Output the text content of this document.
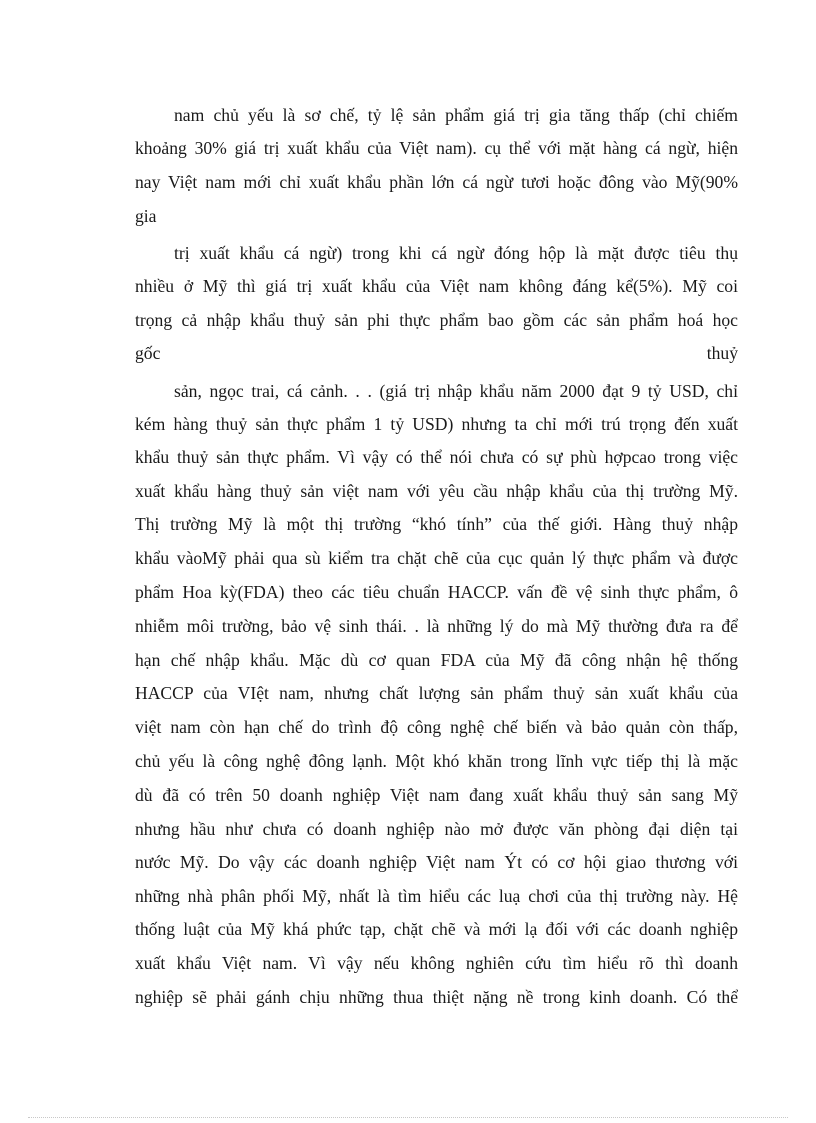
nam chủ yếu là sơ chế, tỷ lệ sản phẩm giá trị gia tăng thấp (chỉ chiếm
khoảng 30% giá trị xuất khẩu của Việt nam). cụ thể với mặt hàng cá ngừ, hiện
nay Việt nam mới chỉ xuất khẩu phần lớn cá ngừ tươi hoặc đông vào Mỹ(90%
gia
trị xuất khẩu cá ngừ) trong khi cá ngừ đóng hộp là mặt được tiêu thụ
nhiều ở Mỹ thì giá trị xuất khẩu của Việt nam không đáng kể(5%). Mỹ coi
trọng cả nhập khẩu thuỷ sản phi thực phẩm bao gồm các sản phẩm hoá học
gốc thuỷ
sản, ngọc trai, cá cảnh. . . (giá trị nhập khẩu năm 2000 đạt 9 tỷ USD, chỉ
kém hàng thuỷ sản thực phẩm 1 tỷ USD) nhưng ta chỉ mới trú trọng đến xuất
khẩu thuỷ sản thực phẩm. Vì vậy có thể nói chưa có sự phù hợpcao trong việc
xuất khẩu hàng thuỷ sản việt nam với yêu cầu nhập khẩu của thị trường Mỹ.
Thị trường Mỹ là một thị trường “khó tính” của thế giới. Hàng thuỷ nhập
khẩu vàoMỹ phải qua sù kiểm tra chặt chẽ của cục quản lý thực phẩm và được
phẩm Hoa kỳ(FDA) theo các tiêu chuẩn HACCP. vấn đề vệ sinh thực phẩm, ô
nhiễm môi trường, bảo vệ sinh thái. . là những lý do mà Mỹ thường đưa ra để
hạn chế nhập khẩu. Mặc dù cơ quan FDA của Mỹ đã công nhận hệ thống
HACCP của VIệt nam, nhưng chất lượng sản phẩm thuỷ sản xuất khẩu của
việt nam còn hạn chế do trình độ công nghệ chế biến và bảo quản còn thấp,
chủ yếu là công nghệ đông lạnh. Một khó khăn trong lĩnh vực tiếp thị là mặc
dù đã có trên 50 doanh nghiệp Việt nam đang xuất khẩu thuỷ sản sang Mỹ
nhưng hầu như chưa có doanh nghiệp nào mở được văn phòng đại diện tại
nước Mỹ. Do vậy các doanh nghiệp Việt nam Ýt có cơ hội giao thương với
những nhà phân phối Mỹ, nhất là tìm hiểu các luạ chơi của thị trường này. Hệ
thống luật của Mỹ khá phức tạp, chặt chẽ và mới lạ đối với các doanh nghiệp
xuất khẩu Việt nam. Vì vậy nếu không nghiên cứu tìm hiểu rõ thì doanh
nghiệp sẽ phải gánh chịu những thua thiệt nặng nề trong kinh doanh. Có thể
